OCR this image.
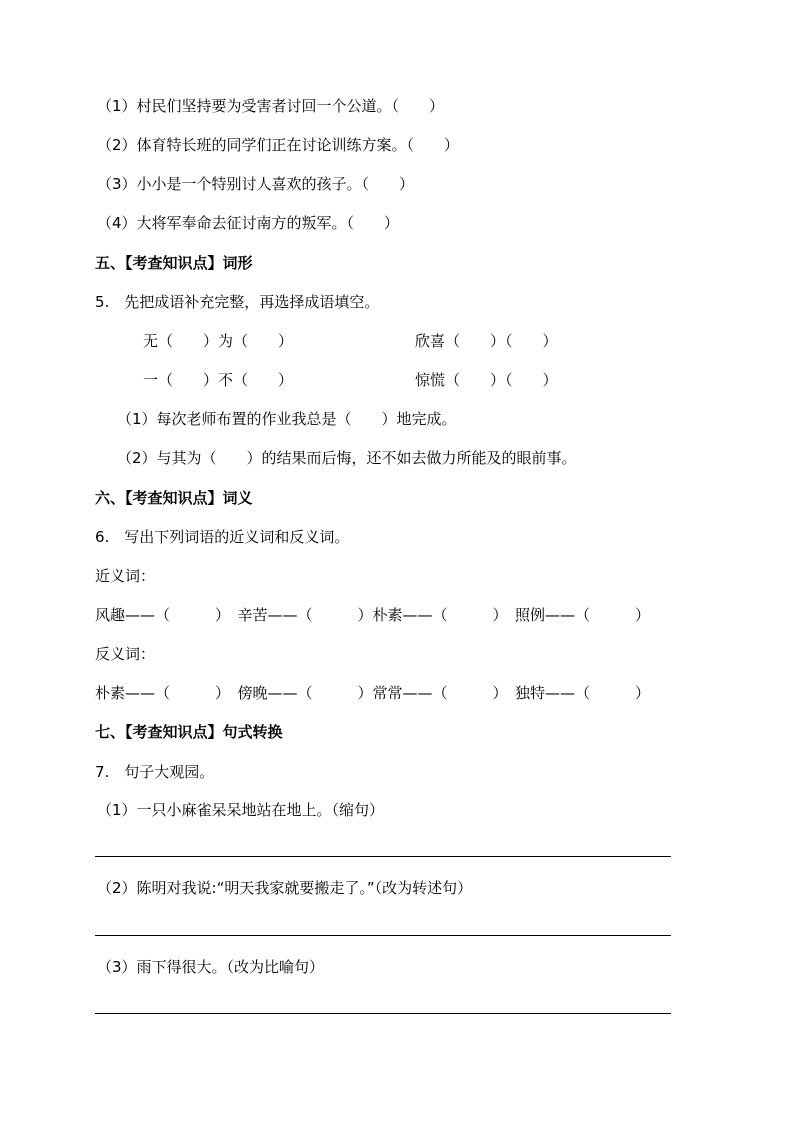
（1）村民们坚持要为受害者讨回一个公道。（　　）
（2）体育特长班的同学们正在讨论训练方案。（　　）
（3）小小是一个特别讨人喜欢的孩子。（　　）
（4）大将军奉命去征讨南方的叛军。（　　）
五、【考查知识点】词形
5.　先把成语补充完整，再选择成语填空。
无（　　）为（　　）	欣喜（　　）（　　）
一（　　）不（　　）	惊慌（　　）（　　）
（1）每次老师布置的作业我总是（　　）地完成。
（2）与其为（　　）的结果而后悔，还不如去做力所能及的眼前事。
六、【考查知识点】词义
6.　写出下列词语的近义词和反义词。
近义词：
风趣——（　　　）　辛苦——（　　　）朴素——（　　　）　照例——（　　　）
反义词：
朴素——（　　　）　傍晚——（　　　）常常——（　　　）　独特——（　　　）
七、【考查知识点】句式转换
7.　句子大观园。
（1）一只小麻雀呆呆地站在地上。（缩句）
（2）陈明对我说:“明天我家就要搬走了。”（改为转述句）
（3）雨下得很大。（改为比喻句）
